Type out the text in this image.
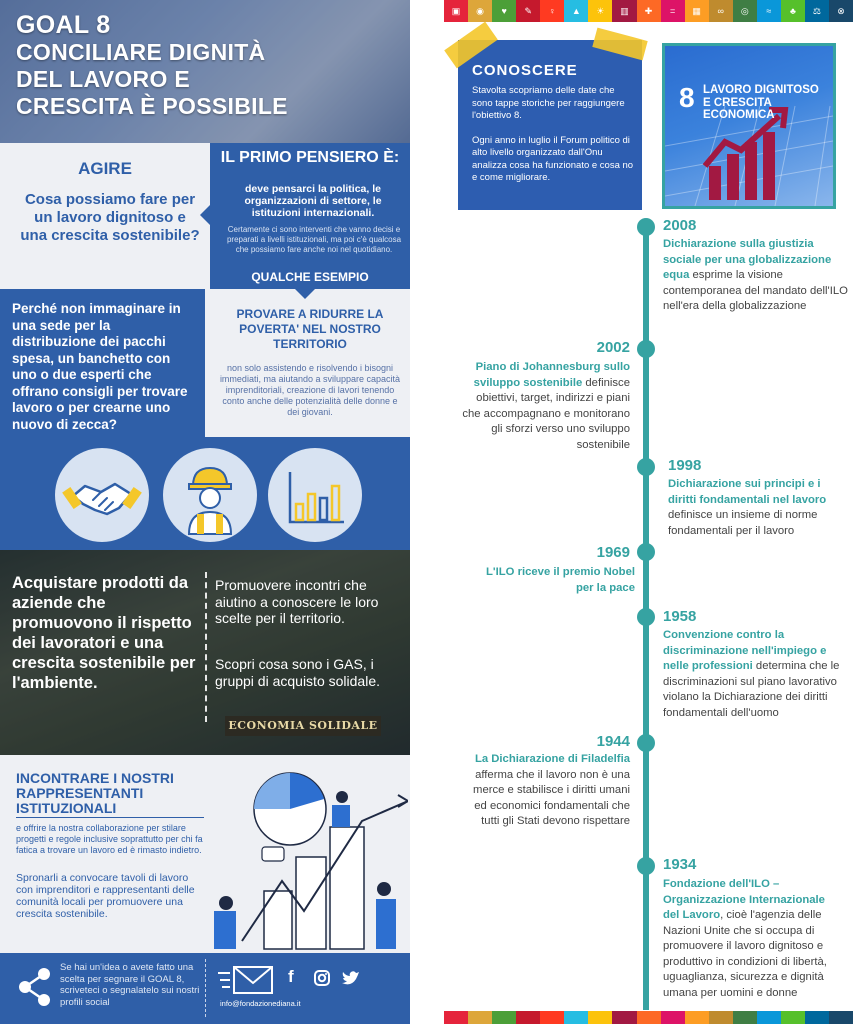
GOAL 8
CONCILIARE DIGNITÀ
DEL LAVORO E
CRESCITA È POSSIBILE
AGIRE
Cosa possiamo fare per un lavoro dignitoso e una crescita sostenibile?
IL PRIMO PENSIERO È:
deve pensarci la politica, le organizzazioni di settore, le istituzioni internazionali.
Certamente ci sono interventi che vanno decisi e preparati a livelli istituzionali, ma poi c'è qualcosa che possiamo fare anche noi nel quotidiano.
QUALCHE ESEMPIO
Perché non immaginare in una sede per la distribuzione dei pacchi spesa, un banchetto con uno o due esperti che offrano consigli per trovare lavoro o per crearne uno nuovo di zecca?
PROVARE A RIDURRE LA POVERTA' NEL NOSTRO TERRITORIO
non solo assistendo e risolvendo i bisogni immediati, ma aiutando a sviluppare capacità imprenditoriali, creazione di lavori tenendo conto anche delle potenzialità delle donne e dei giovani.
Acquistare prodotti da aziende che promuovono il rispetto dei lavoratori e una crescita sostenibile per l'ambiente.
Promuovere incontri che aiutino a conoscere le loro scelte per il territorio.
Scopri cosa sono i GAS, i gruppi di acquisto solidale.
ECONOMIA SOLIDALE
INCONTRARE I NOSTRI RAPPRESENTANTI ISTITUZIONALI
e offrire la nostra collaborazione per stilare progetti e regole inclusive soprattutto per chi fa fatica a trovare un lavoro ed è rimasto indietro.
Spronarli a convocare tavoli di lavoro con imprenditori e rappresentanti delle comunità locali per promuovere una crescita sostenibile.
Se hai un'idea o avete fatto una scelta per segnare il GOAL 8, scriveteci o segnalatelo sui nostri profili social
f
info@fondazionediana.it
▣	◉	♥	✎	♀	▲	☀	▥	✚	=	▦	∞	◎	≈	♣	⚖	⊗
CONOSCERE
Stavolta scopriamo delle date che sono tappe storiche per raggiungere l'obiettivo 8.
Ogni anno in luglio il Forum politico di alto livello organizzato dall'Onu analizza cosa ha funzionato e cosa no e come migliorare.
8 LAVORO DIGNITOSO E CRESCITA ECONOMICA
2008
Dichiarazione sulla giustizia sociale per una globalizzazione equa esprime la visione contemporanea del mandato dell'ILO nell'era della globalizzazione
2002
Piano di Johannesburg sullo sviluppo sostenibile definisce obiettivi, target, indirizzi e piani che accompagnano e monitorano gli sforzi verso uno sviluppo sostenibile
1998
Dichiarazione sui principi e i diritti fondamentali nel lavoro definisce un insieme di norme fondamentali per il lavoro
1969
L'ILO riceve il premio Nobel per la pace
1958
Convenzione contro la discriminazione nell'impiego e nelle professioni determina che le discriminazioni sul piano lavorativo violano la Dichiarazione dei diritti fondamentali dell'uomo
1944
La Dichiarazione di Filadelfia afferma che il lavoro non è una merce e stabilisce i diritti umani ed economici fondamentali che tutti gli Stati devono rispettare
1934
Fondazione dell'ILO – Organizzazione Internazionale del Lavoro, cioè l'agenzia delle Nazioni Unite che si occupa di promuovere il lavoro dignitoso e produttivo in condizioni di libertà, uguaglianza, sicurezza e dignità umana per uomini e donne
